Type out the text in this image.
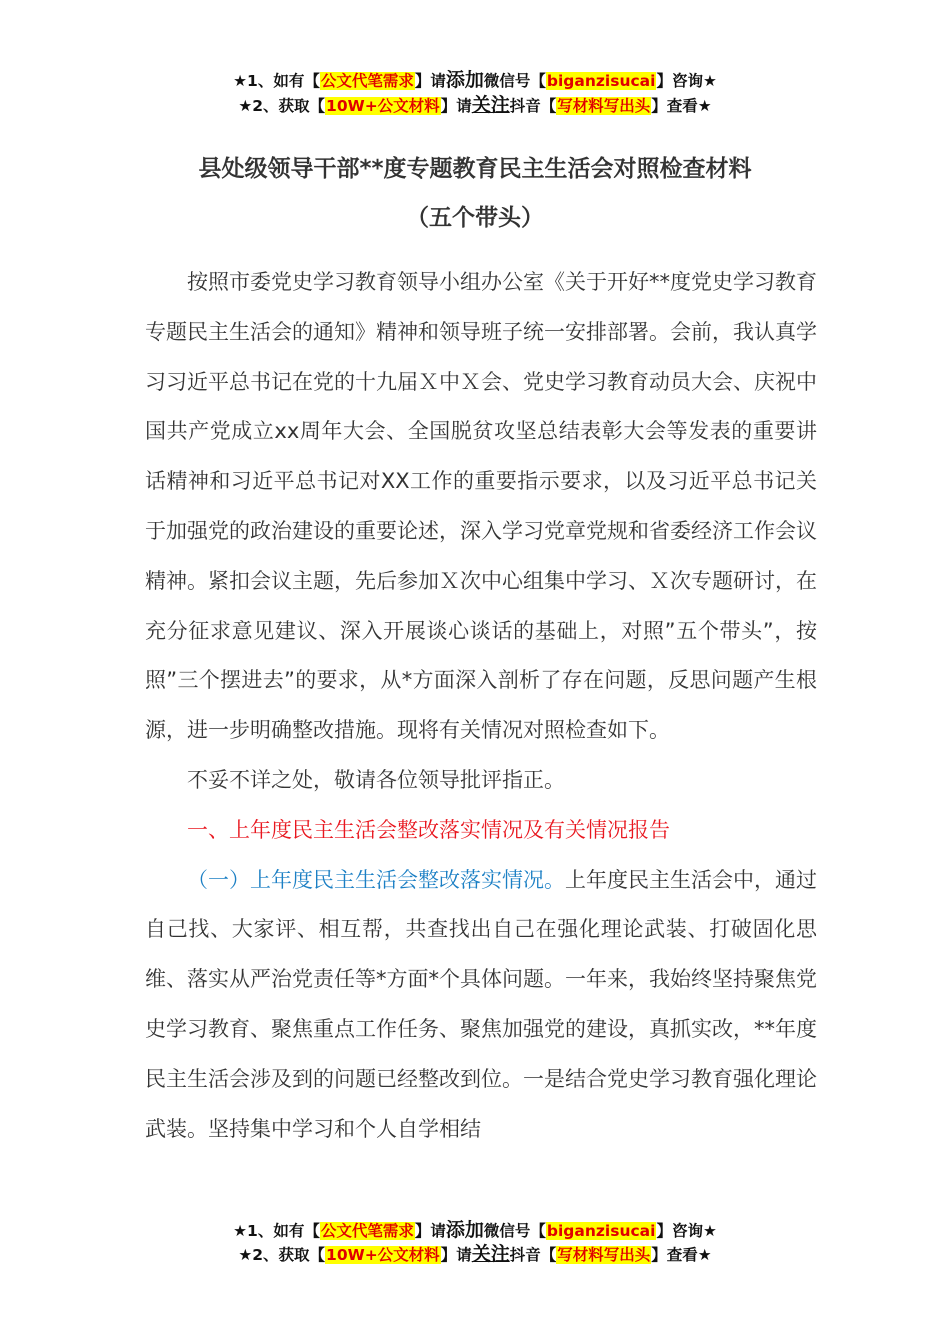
★1、如有【公文代笔需求】请添加微信号【biganzisucai】咨询★
★2、获取【10W+公文材料】请关注抖音【写材料写出头】查看★
县处级领导干部**度专题教育民主生活会对照检查材料
（五个带头）

按照市委党史学习教育领导小组办公室《关于开好**度党史学习教育专题民主生活会的通知》精神和领导班子统一安排部署。会前，我认真学习习近平总书记在党的十九届Ｘ中Ｘ会、党史学习教育动员大会、庆祝中国共产党成立xx周年大会、全国脱贫攻坚总结表彰大会等发表的重要讲话精神和习近平总书记对XX工作的重要指示要求，以及习近平总书记关于加强党的政治建设的重要论述，深入学习党章党规和省委经济工作会议精神。紧扣会议主题，先后参加Ｘ次中心组集中学习、Ｘ次专题研讨，在充分征求意见建议、深入开展谈心谈话的基础上，对照”五个带头”，按照”三个摆进去”的要求，从*方面深入剖析了存在问题，反思问题产生根源，进一步明确整改措施。现将有关情况对照检查如下。

不妥不详之处，敬请各位领导批评指正。

一、上年度民主生活会整改落实情况及有关情况报告

（一）上年度民主生活会整改落实情况。上年度民主生活会中，通过自己找、大家评、相互帮，共查找出自己在强化理论武装、打破固化思维、落实从严治党责任等*方面*个具体问题。一年来，我始终坚持聚焦党史学习教育、聚焦重点工作任务、聚焦加强党的建设，真抓实改，**年度民主生活会涉及到的问题已经整改到位。一是结合党史学习教育强化理论武装。坚持集中学习和个人自学相结

★1、如有【公文代笔需求】请添加微信号【biganzisucai】咨询★
★2、获取【10W+公文材料】请关注抖音【写材料写出头】查看★
